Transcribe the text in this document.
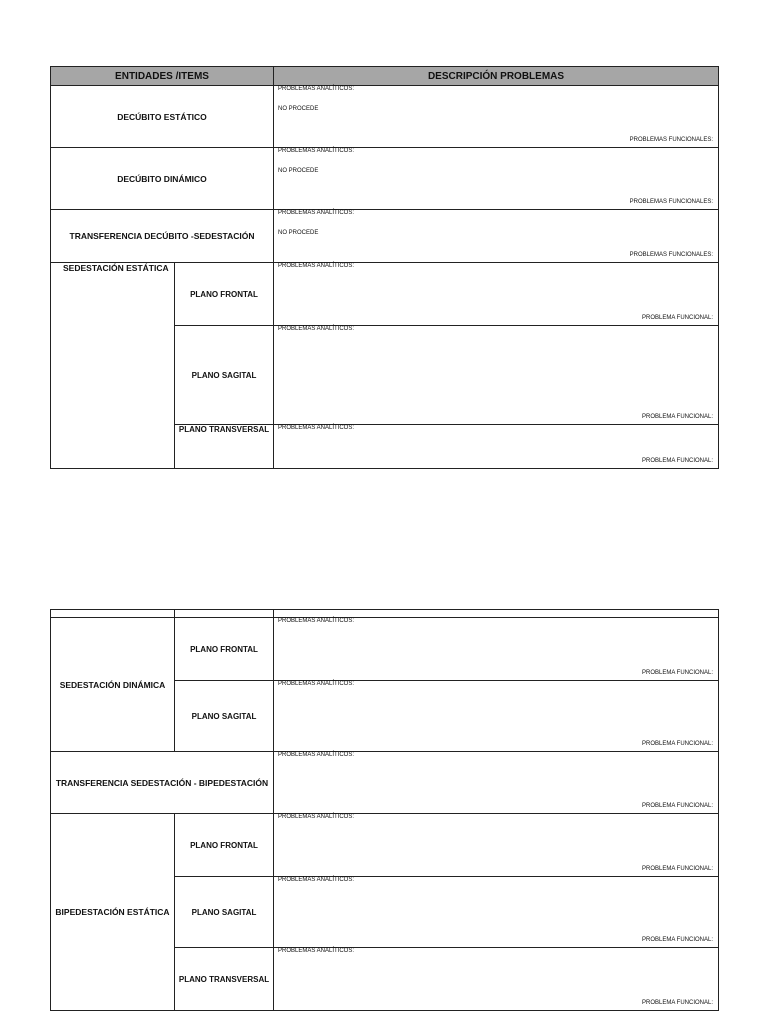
ENTIDADES /ITEMS		DESCRIPCIÓN PROBLEMAS
DECÚBITO ESTÁTICO		PROBLEMAS ANALÍTICOS:
NO PROCEDE
PROBLEMAS FUNCIONALES:

DECÚBITO DINÁMICO		PROBLEMAS ANALÍTICOS:
NO PROCEDE
PROBLEMAS FUNCIONALES:

TRANSFERENCIA DECÚBITO -SEDESTACIÓN		PROBLEMAS ANALÍTICOS:
NO PROCEDE
PROBLEMAS FUNCIONALES:

SEDESTACIÓN ESTÁTICA	PLANO FRONTAL	PROBLEMAS ANALÍTICOS:
PROBLEMA FUNCIONAL:

	PLANO SAGITAL	PROBLEMAS ANALÍTICOS:
PROBLEMA FUNCIONAL:

	PLANO TRANSVERSAL	PROBLEMAS ANALÍTICOS:
PROBLEMA FUNCIONAL:

SEDESTACIÓN DINÁMICA	PLANO FRONTAL	PROBLEMAS ANALÍTICOS:
PROBLEMA FUNCIONAL:

	PLANO SAGITAL	PROBLEMAS ANALÍTICOS:
PROBLEMA FUNCIONAL:

TRANSFERENCIA SEDESTACIÓN - BIPEDESTACIÓN		PROBLEMAS ANALÍTICOS:
PROBLEMA FUNCIONAL:

BIPEDESTACIÓN ESTÁTICA	PLANO FRONTAL	PROBLEMAS ANALÍTICOS:
PROBLEMA FUNCIONAL:

	PLANO SAGITAL	PROBLEMAS ANALÍTICOS:
PROBLEMA FUNCIONAL:

	PLANO TRANSVERSAL	PROBLEMAS ANALÍTICOS:
PROBLEMA FUNCIONAL:
